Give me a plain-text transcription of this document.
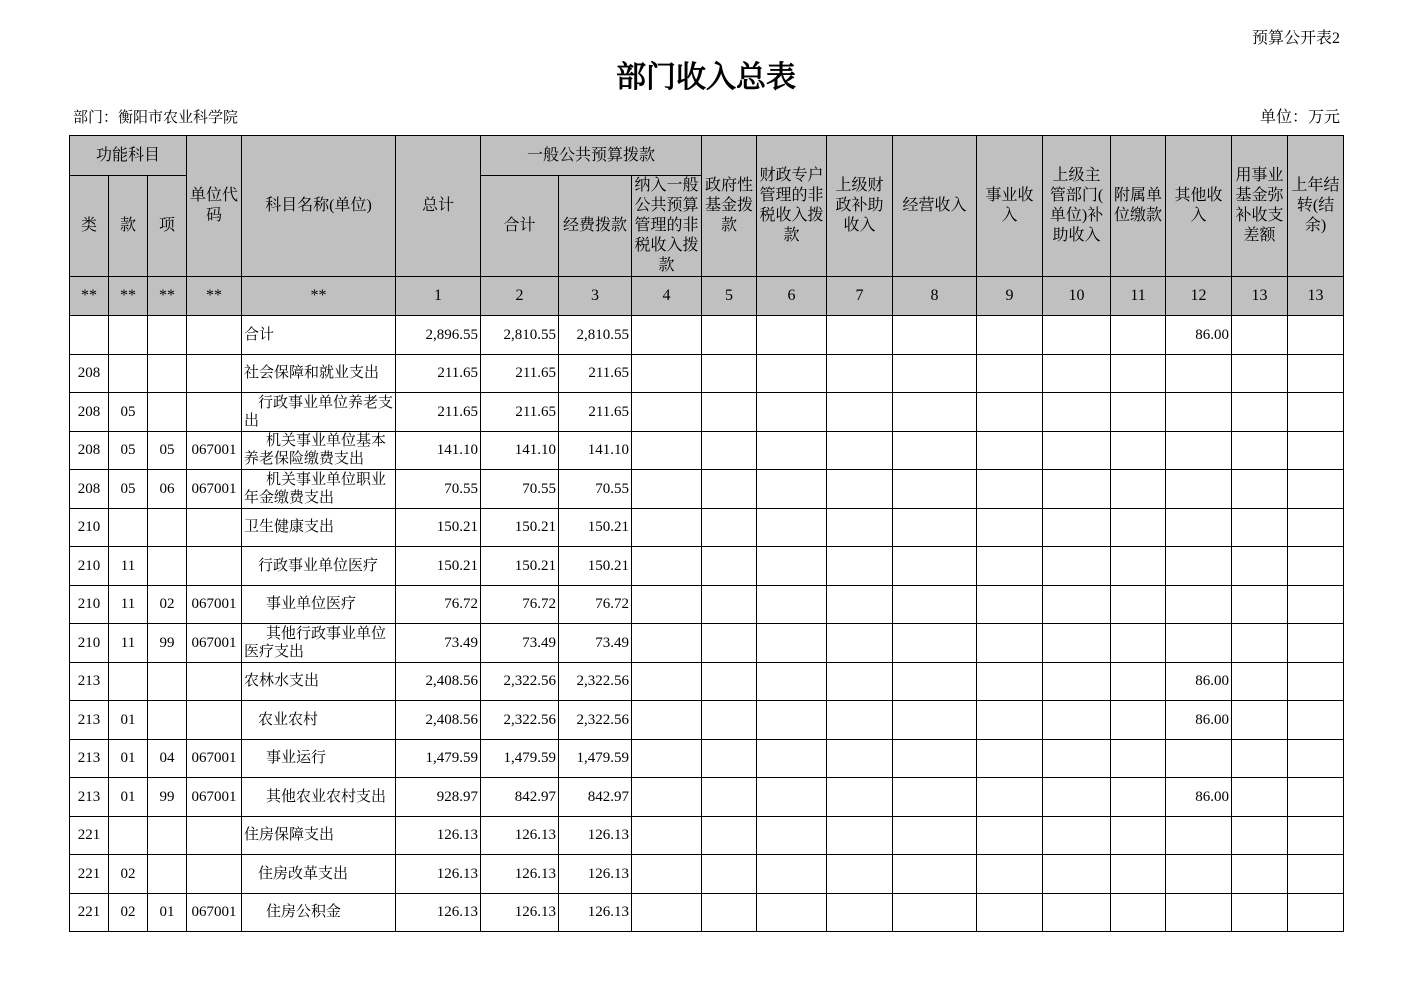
预算公开表2
部门收入总表
部门：衡阳市农业科学院	单位：万元
功能科目			单位代码	科目名称(单位)	总计	一般公共预算拨款			政府性基金拨款	财政专户管理的非税收入拨款	上级财政补助收入	经营收入	事业收入	上级主管部门(单位)补助收入	附属单位缴款	其他收入	用事业基金弥补收支差额	上年结转(结余)
类	款	项				合计	经费拨款	纳入一般公共预算管理的非税收入拨款										
**	**	**	**	**	1	2	3	4	5	6	7	8	9	10	11	12	13	13
				合计	2,896.55	2,810.55	2,810.55									86.00		
208				社会保障和就业支出	211.65	211.65	211.65											
208	05			行政事业单位养老支出	211.65	211.65	211.65											
208	05	05	067001	机关事业单位基本养老保险缴费支出	141.10	141.10	141.10											
208	05	06	067001	机关事业单位职业年金缴费支出	70.55	70.55	70.55											
210				卫生健康支出	150.21	150.21	150.21											
210	11			行政事业单位医疗	150.21	150.21	150.21											
210	11	02	067001	事业单位医疗	76.72	76.72	76.72											
210	11	99	067001	其他行政事业单位医疗支出	73.49	73.49	73.49											
213				农林水支出	2,408.56	2,322.56	2,322.56									86.00		
213	01			农业农村	2,408.56	2,322.56	2,322.56									86.00		
213	01	04	067001	事业运行	1,479.59	1,479.59	1,479.59											
213	01	99	067001	其他农业农村支出	928.97	842.97	842.97									86.00		
221				住房保障支出	126.13	126.13	126.13											
221	02			住房改革支出	126.13	126.13	126.13											
221	02	01	067001	住房公积金	126.13	126.13	126.13											
